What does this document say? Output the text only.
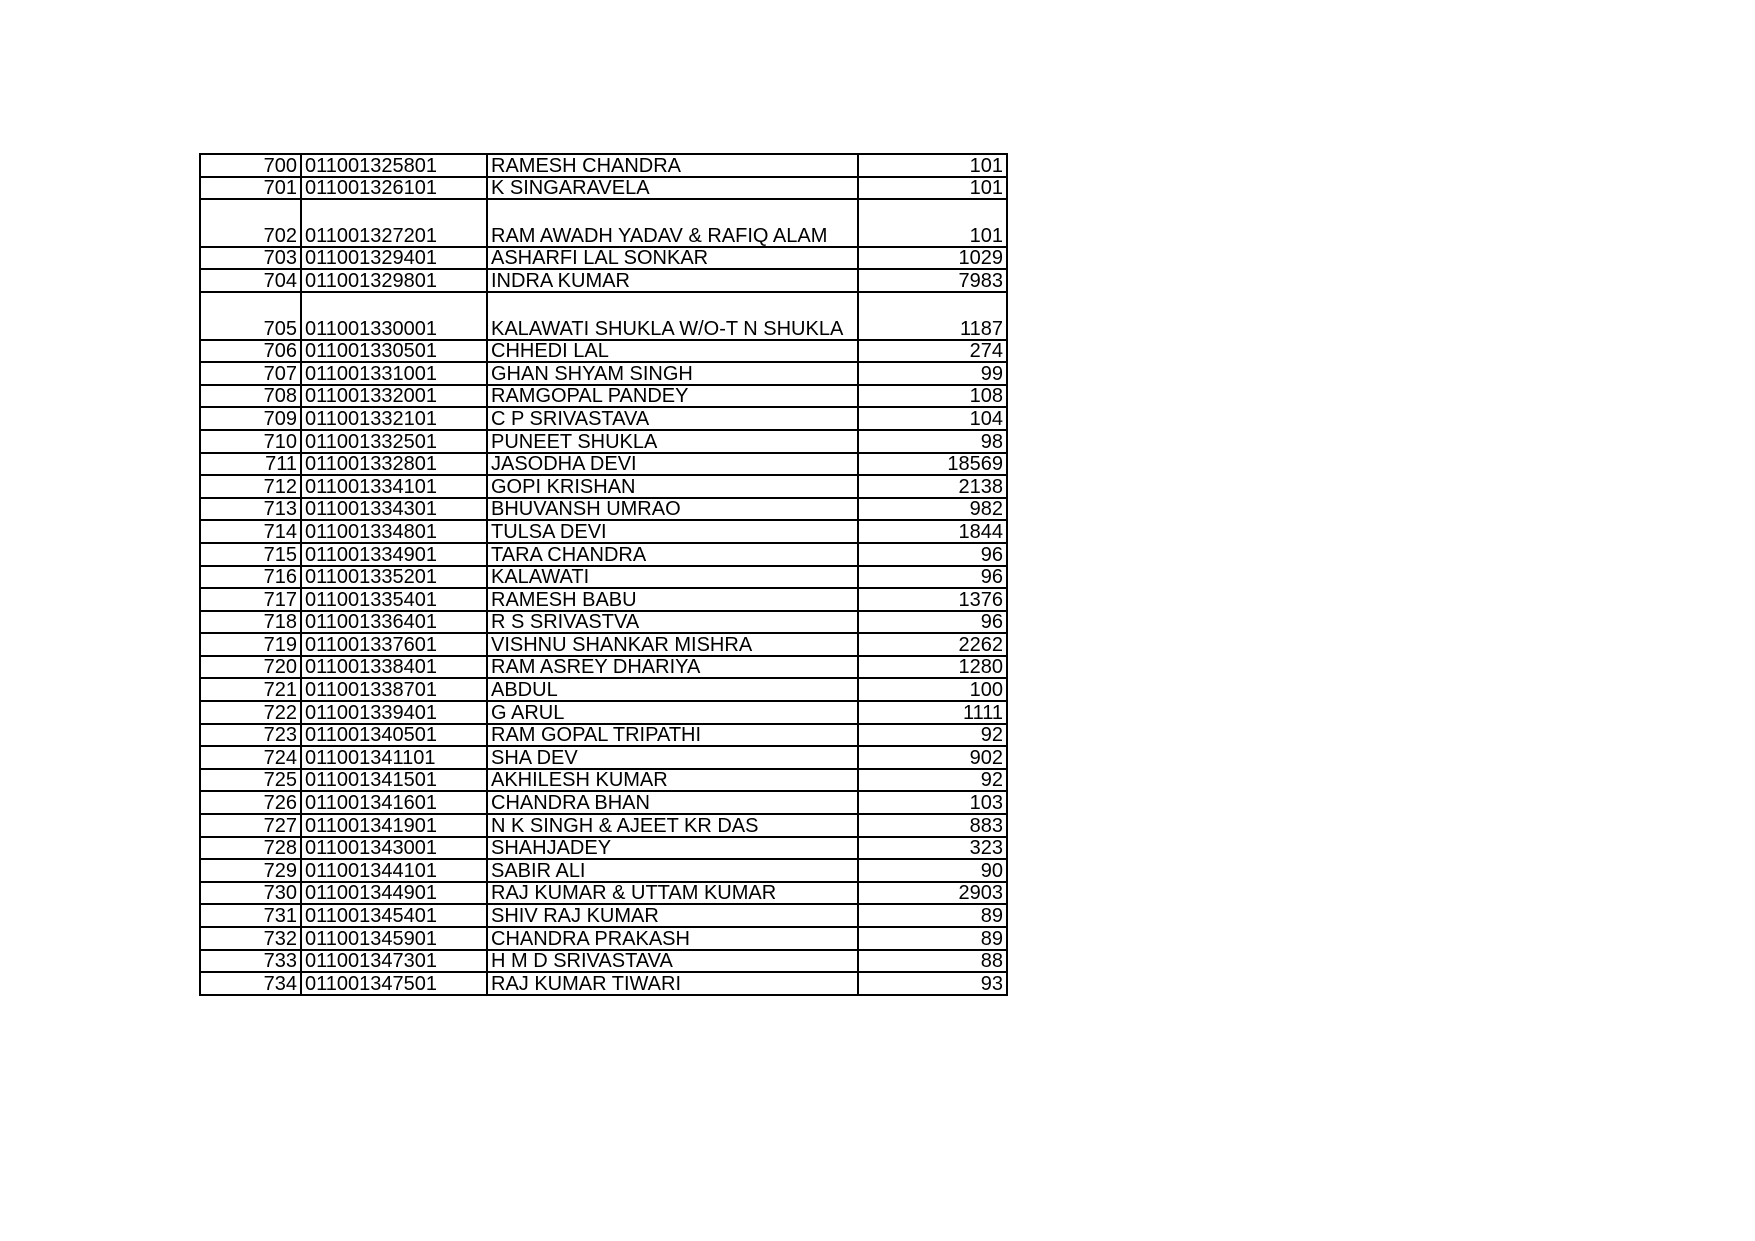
700	011001325801	RAMESH CHANDRA	101
701	011001326101	K SINGARAVELA	101
702	011001327201	RAM AWADH YADAV & RAFIQ ALAM	101
703	011001329401	ASHARFI LAL SONKAR	1029
704	011001329801	INDRA KUMAR	7983
705	011001330001	KALAWATI SHUKLA W/O-T N SHUKLA	1187
706	011001330501	CHHEDI LAL	274
707	011001331001	GHAN SHYAM SINGH	99
708	011001332001	RAMGOPAL PANDEY	108
709	011001332101	C P SRIVASTAVA	104
710	011001332501	PUNEET SHUKLA	98
711	011001332801	JASODHA DEVI	18569
712	011001334101	GOPI KRISHAN	2138
713	011001334301	BHUVANSH UMRAO	982
714	011001334801	TULSA DEVI	1844
715	011001334901	TARA CHANDRA	96
716	011001335201	KALAWATI	96
717	011001335401	RAMESH BABU	1376
718	011001336401	R S SRIVASTVA	96
719	011001337601	VISHNU SHANKAR MISHRA	2262
720	011001338401	RAM ASREY DHARIYA	1280
721	011001338701	ABDUL	100
722	011001339401	G ARUL	1111
723	011001340501	RAM GOPAL TRIPATHI	92
724	011001341101	SHA DEV	902
725	011001341501	AKHILESH KUMAR	92
726	011001341601	CHANDRA BHAN	103
727	011001341901	N K SINGH & AJEET KR DAS	883
728	011001343001	SHAHJADEY	323
729	011001344101	SABIR ALI	90
730	011001344901	RAJ KUMAR & UTTAM KUMAR	2903
731	011001345401	SHIV RAJ KUMAR	89
732	011001345901	CHANDRA PRAKASH	89
733	011001347301	H M D SRIVASTAVA	88
734	011001347501	RAJ KUMAR TIWARI	93
